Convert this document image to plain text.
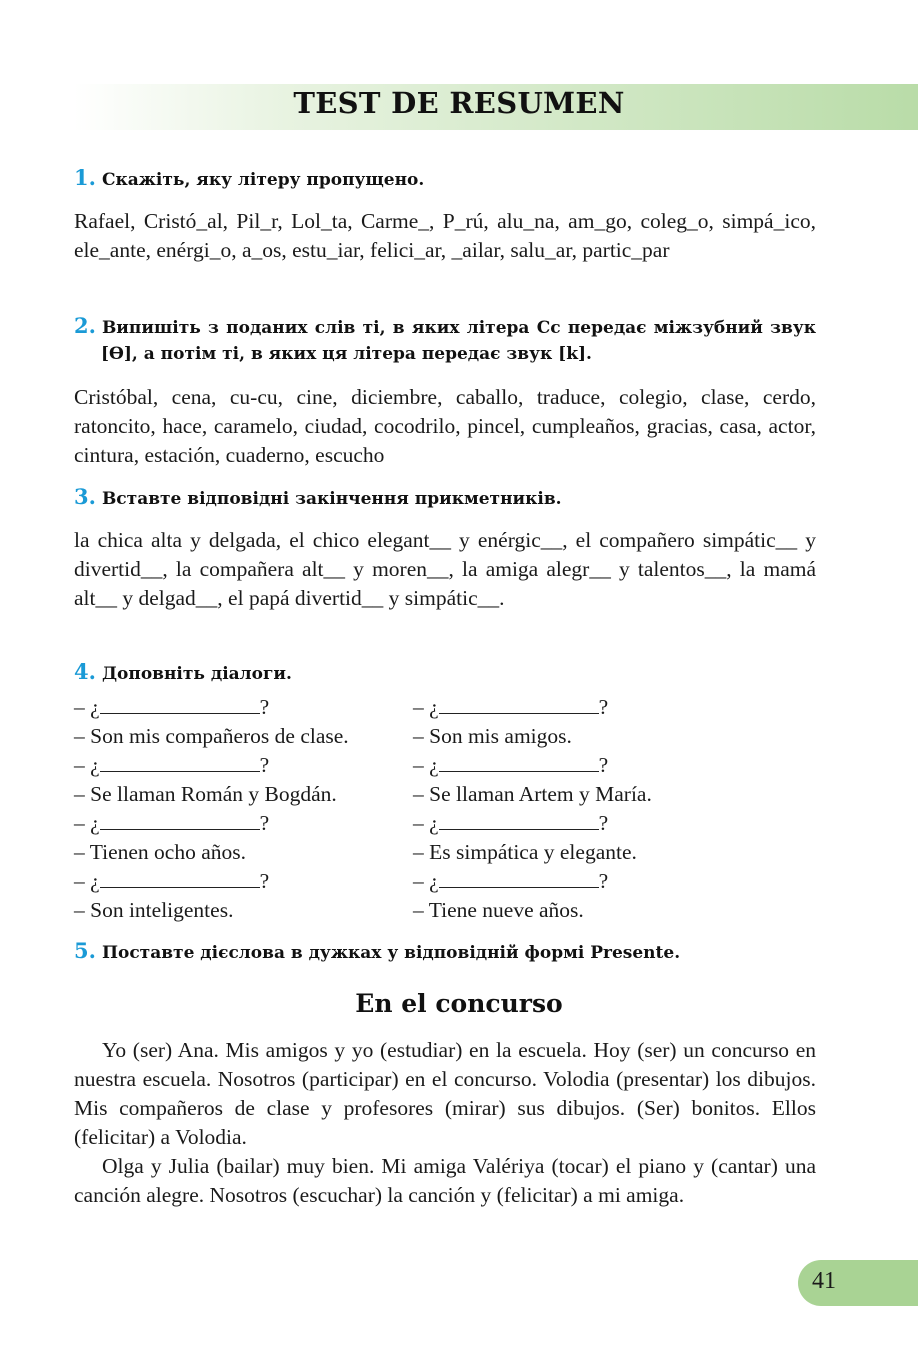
TEST DE RESUMEN
1. Скажіть, яку літеру пропущено.
Rafael, Cristó_al, Pil_r, Lol_ta, Carme_, P_rú, alu_na, am_go, coleg_o, simpá_ico, ele_ante, enérgi_o, a_os, estu_iar, felici_ar, _ailar, salu_ar, partic_par
2. Випишіть з поданих слів ті, в яких літера Cc передає міжзубний звук [Ɵ], а потім ті, в яких ця літера передає звук [k].
Cristóbal, cena, cu-cu, cine, diciembre, caballo, traduce, colegio, clase, cerdo, ratoncito, hace, caramelo, ciudad, cocodrilo, pincel, cumpleaños, gracias, casa, actor, cintura, estación, cuaderno, escucho
3. Вставте відповідні закінчення прикметників.
la chica alta y delgada, el chico elegant__ y enérgic__, el compañero simpátic__ y divertid__, la compañera alt__ y moren__, la amiga alegr__ y talentos__, la mamá alt__ y delgad__, el papá divertid__ y simpátic__.
4. Доповніть діалоги.
– ¿	?
– Son mis compañeros de clase.
– ¿	?
– Se llaman Román y Bogdán.
– ¿	?
– Tienen ocho años.
– ¿	?
– Son inteligentes.
– ¿	?
– Son mis amigos.
– ¿	?
– Se llaman Artem y María.
– ¿	?
– Es simpática y elegante.
– ¿	?
– Tiene nueve años.
5. Поставте дієслова в дужках у відповідній формі Presente.
En el concurso
Yo (ser) Ana. Mis amigos y yo (estudiar) en la escuela. Hoy (ser) un concurso en nuestra escuela. Nosotros (participar) en el concurso. Volodia (presentar) los dibujos. Mis compañeros de clase y profesores (mirar) sus dibujos. (Ser) bonitos. Ellos (felicitar) a Volodia.
Olga y Julia (bailar) muy bien. Mi amiga Valériya (tocar) el piano y (cantar) una canción alegre. Nosotros (escuchar) la canción y (felicitar) a mi amiga.
41
